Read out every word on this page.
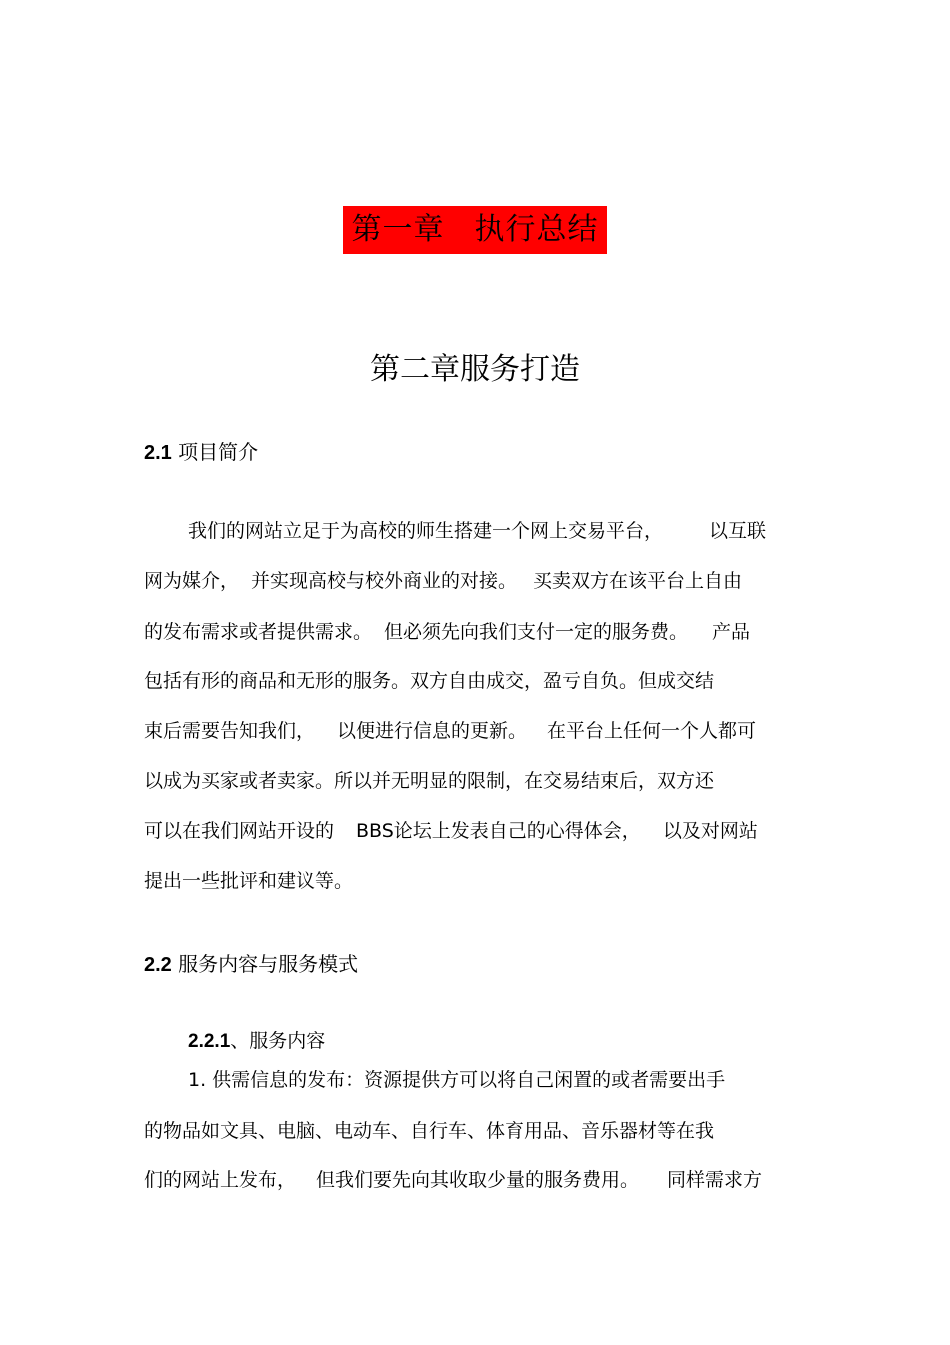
第一章 执行总结
第二章服务打造
2.1 项目简介
我们的网站立足于为高校的师生搭建一个网上交易平台， 以互联
网为媒介， 并实现高校与校外商业的对接。 买卖双方在该平台上自由
的发布需求或者提供需求。 但必须先向我们支付一定的服务费。 产品
包括有形的商品和无形的服务。双方自由成交，盈亏自负。但成交结
束后需要告知我们， 以便进行信息的更新。 在平台上任何一个人都可
以成为买家或者卖家。所以并无明显的限制，在交易结束后，双方还
可以在我们网站开设的 BBS论坛上发表自己的心得体会， 以及对网站
提出一些批评和建议等。
2.2 服务内容与服务模式
2.2.1、服务内容
1. 供需信息的发布：资源提供方可以将自己闲置的或者需要出手
的物品如文具、电脑、电动车、自行车、体育用品、音乐器材等在我
们的网站上发布， 但我们要先向其收取少量的服务费用。 同样需求方
